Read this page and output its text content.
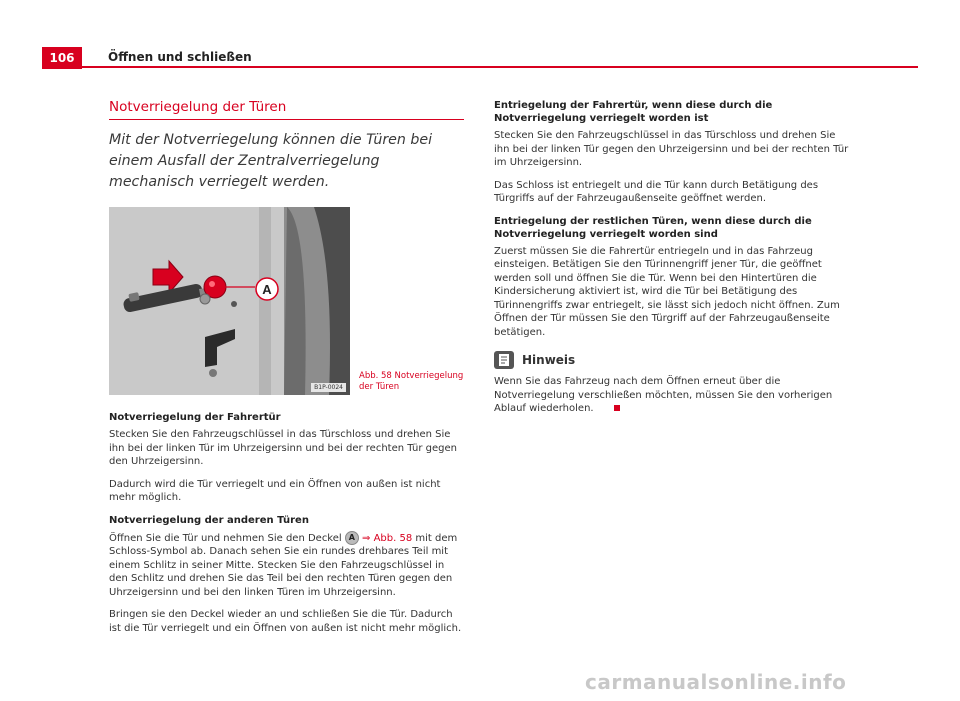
106	Öffnen und schließen
Notverriegelung der Türen

Mit der Notverriegelung können die Türen bei einem Ausfall der Zentralverriegelung mechanisch verriegelt werden.

A
B1P-0024
Abb. 58 Notverriegelung der Türen
Notverriegelung der Fahrertür

Stecken Sie den Fahrzeugschlüssel in das Türschloss und drehen Sie ihn bei der linken Tür im Uhrzeigersinn und bei der rechten Tür gegen den Uhrzeigersinn.

Dadurch wird die Tür verriegelt und ein Öffnen von außen ist nicht mehr möglich.

Notverriegelung der anderen Türen

Öffnen Sie die Tür und nehmen Sie den Deckel A ⇒ Abb. 58 mit dem Schloss-Symbol ab. Danach sehen Sie ein rundes drehbares Teil mit einem Schlitz in seiner Mitte. Stecken Sie den Fahrzeugschlüssel in den Schlitz und drehen Sie das Teil bei den rechten Türen gegen den Uhrzeigersinn und bei den linken Türen im Uhrzeigersinn.

Bringen sie den Deckel wieder an und schließen Sie die Tür. Dadurch ist die Tür verriegelt und ein Öffnen von außen ist nicht mehr möglich.

Entriegelung der Fahrertür, wenn diese durch die Notverriegelung verriegelt worden ist

Stecken Sie den Fahrzeugschlüssel in das Türschloss und drehen Sie ihn bei der linken Tür gegen den Uhrzeigersinn und bei der rechten Tür im Uhrzeigersinn.

Das Schloss ist entriegelt und die Tür kann durch Betätigung des Türgriffs auf der Fahrzeugaußenseite geöffnet werden.

Entriegelung der restlichen Türen, wenn diese durch die Notverriegelung verriegelt worden sind

Zuerst müssen Sie die Fahrertür entriegeln und in das Fahrzeug einsteigen. Betätigen Sie den Türinnengriff jener Tür, die geöffnet werden soll und öffnen Sie die Tür. Wenn bei den Hintertüren die Kindersicherung aktiviert ist, wird die Tür bei Betätigung des Türinnengriffs zwar entriegelt, sie lässt sich jedoch nicht öffnen. Zum Öffnen der Tür müssen Sie den Türgriff auf der Fahrzeugaußenseite betätigen.

Hinweis

Wenn Sie das Fahrzeug nach dem Öffnen erneut über die Notverriegelung verschließen möchten, müssen Sie den vorherigen Ablauf wiederholen.

carmanualsonline.info
